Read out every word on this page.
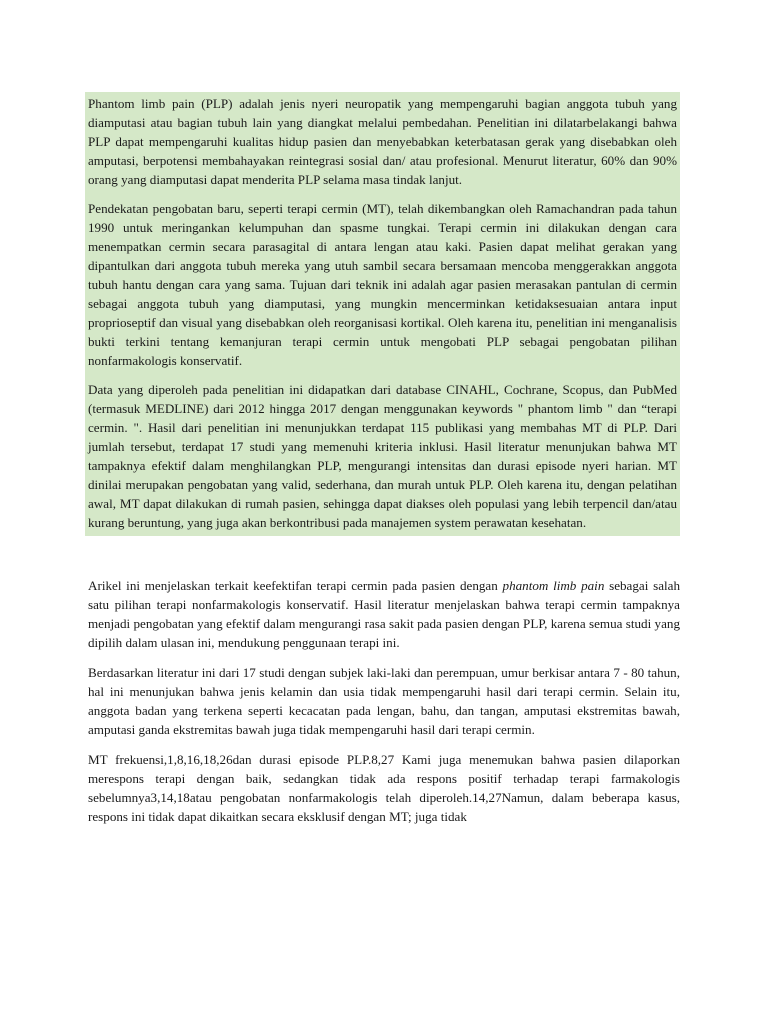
Phantom limb pain (PLP) adalah jenis nyeri neuropatik yang mempengaruhi bagian anggota tubuh yang diamputasi atau bagian tubuh lain yang diangkat melalui pembedahan. Penelitian ini dilatarbelakangi bahwa PLP dapat mempengaruhi kualitas hidup pasien dan menyebabkan keterbatasan gerak yang disebabkan oleh amputasi, berpotensi membahayakan reintegrasi sosial dan/ atau profesional. Menurut literatur, 60% dan 90% orang yang diamputasi dapat menderita PLP selama masa tindak lanjut.

Pendekatan pengobatan baru, seperti terapi cermin (MT), telah dikembangkan oleh Ramachandran pada tahun 1990 untuk meringankan kelumpuhan dan spasme tungkai. Terapi cermin ini dilakukan dengan cara menempatkan cermin secara parasagital di antara lengan atau kaki. Pasien dapat melihat gerakan yang dipantulkan dari anggota tubuh mereka yang utuh sambil secara bersamaan mencoba menggerakkan anggota tubuh hantu dengan cara yang sama. Tujuan dari teknik ini adalah agar pasien merasakan pantulan di cermin sebagai anggota tubuh yang diamputasi, yang mungkin mencerminkan ketidaksesuaian antara input proprioseptif dan visual yang disebabkan oleh reorganisasi kortikal. Oleh karena itu, penelitian ini menganalisis bukti terkini tentang kemanjuran terapi cermin untuk mengobati PLP sebagai pengobatan pilihan nonfarmakologis konservatif.

Data yang diperoleh pada penelitian ini didapatkan dari database CINAHL, Cochrane, Scopus, dan PubMed (termasuk MEDLINE) dari 2012 hingga 2017 dengan menggunakan keywords " phantom limb " dan “terapi cermin. ". Hasil dari penelitian ini menunjukkan terdapat 115 publikasi yang membahas MT di PLP. Dari jumlah tersebut, terdapat 17 studi yang memenuhi kriteria inklusi. Hasil literatur menunjukan bahwa MT tampaknya efektif dalam menghilangkan PLP, mengurangi intensitas dan durasi episode nyeri harian. MT dinilai merupakan pengobatan yang valid, sederhana, dan murah untuk PLP. Oleh karena itu, dengan pelatihan awal, MT dapat dilakukan di rumah pasien, sehingga dapat diakses oleh populasi yang lebih terpencil dan/atau kurang beruntung, yang juga akan berkontribusi pada manajemen system perawatan kesehatan.

Arikel ini menjelaskan terkait keefektifan terapi cermin pada pasien dengan phantom limb pain sebagai salah satu pilihan terapi nonfarmakologis konservatif. Hasil literatur menjelaskan bahwa terapi cermin tampaknya menjadi pengobatan yang efektif dalam mengurangi rasa sakit pada pasien dengan PLP, karena semua studi yang dipilih dalam ulasan ini, mendukung penggunaan terapi ini.

Berdasarkan literatur ini dari 17 studi dengan subjek laki-laki dan perempuan, umur berkisar antara 7 - 80 tahun, hal ini menunjukan bahwa jenis kelamin dan usia tidak mempengaruhi hasil dari terapi cermin. Selain itu, anggota badan yang terkena seperti kecacatan pada lengan, bahu, dan tangan, amputasi ekstremitas bawah, amputasi ganda ekstremitas bawah juga tidak mempengaruhi hasil dari terapi cermin.

MT frekuensi,1,8,16,18,26dan durasi episode PLP.8,27 Kami juga menemukan bahwa pasien dilaporkan merespons terapi dengan baik, sedangkan tidak ada respons positif terhadap terapi farmakologis sebelumnya3,14,18atau pengobatan nonfarmakologis telah diperoleh.14,27Namun, dalam beberapa kasus, respons ini tidak dapat dikaitkan secara eksklusif dengan MT; juga tidak
